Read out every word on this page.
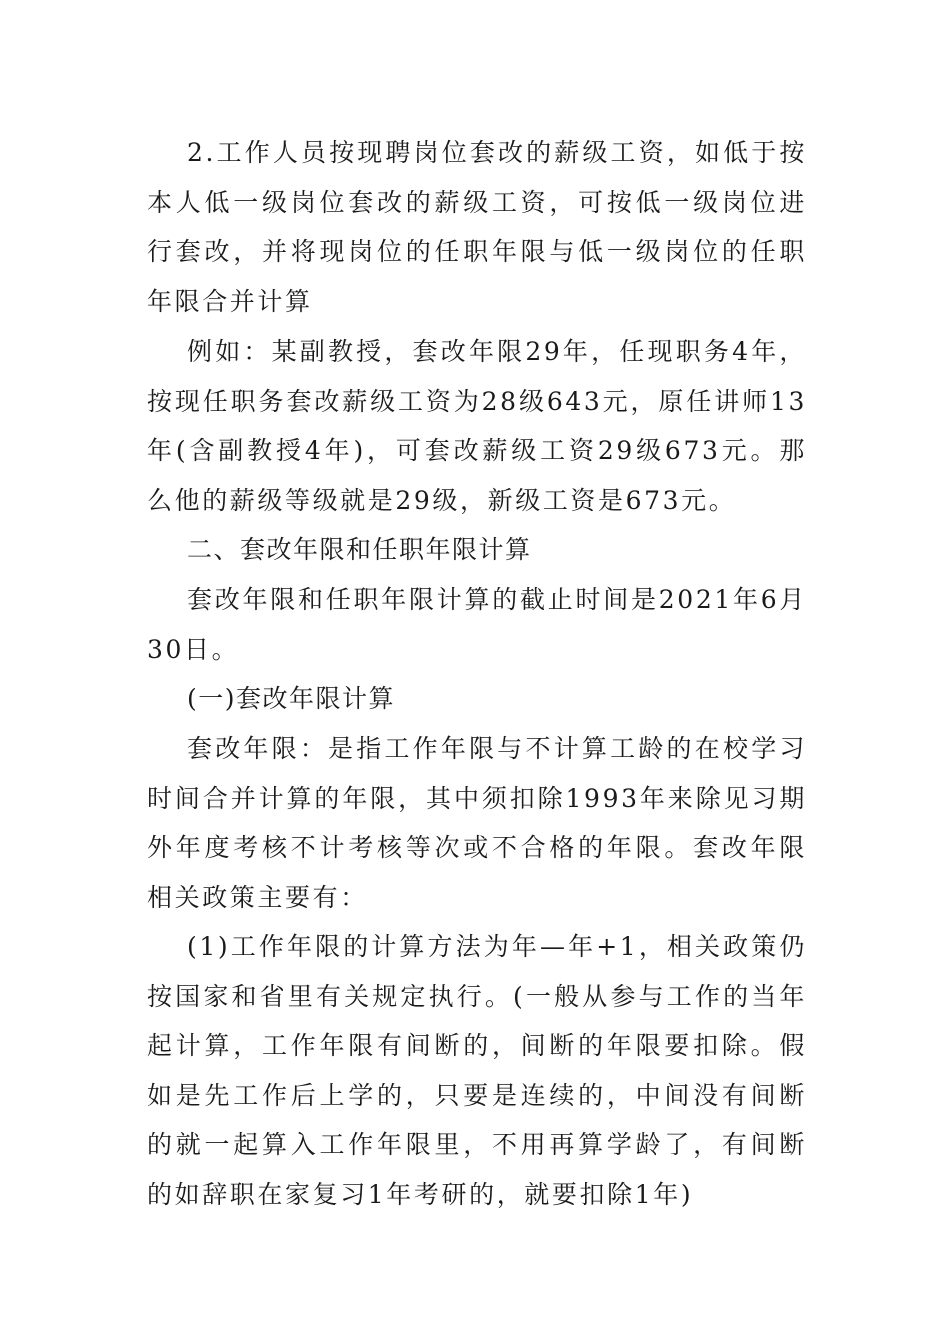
2.工作人员按现聘岗位套改的薪级工资，如低于按本人低一级岗位套改的薪级工资，可按低一级岗位进行套改，并将现岗位的任职年限与低一级岗位的任职年限合并计算

例如：某副教授，套改年限29年，任现职务4年，按现任职务套改薪级工资为28级643元，原任讲师13年(含副教授4年)，可套改薪级工资29级673元。那么他的薪级等级就是29级，新级工资是673元。

二、套改年限和任职年限计算

套改年限和任职年限计算的截止时间是2021年6月30日。

(一)套改年限计算

套改年限：是指工作年限与不计算工龄的在校学习时间合并计算的年限，其中须扣除1993年来除见习期外年度考核不计考核等次或不合格的年限。套改年限相关政策主要有：

(1)工作年限的计算方法为年—年+1，相关政策仍按国家和省里有关规定执行。(一般从参与工作的当年起计算，工作年限有间断的，间断的年限要扣除。假如是先工作后上学的，只要是连续的，中间没有间断的就一起算入工作年限里，不用再算学龄了，有间断的如辞职在家复习1年考研的，就要扣除1年)
